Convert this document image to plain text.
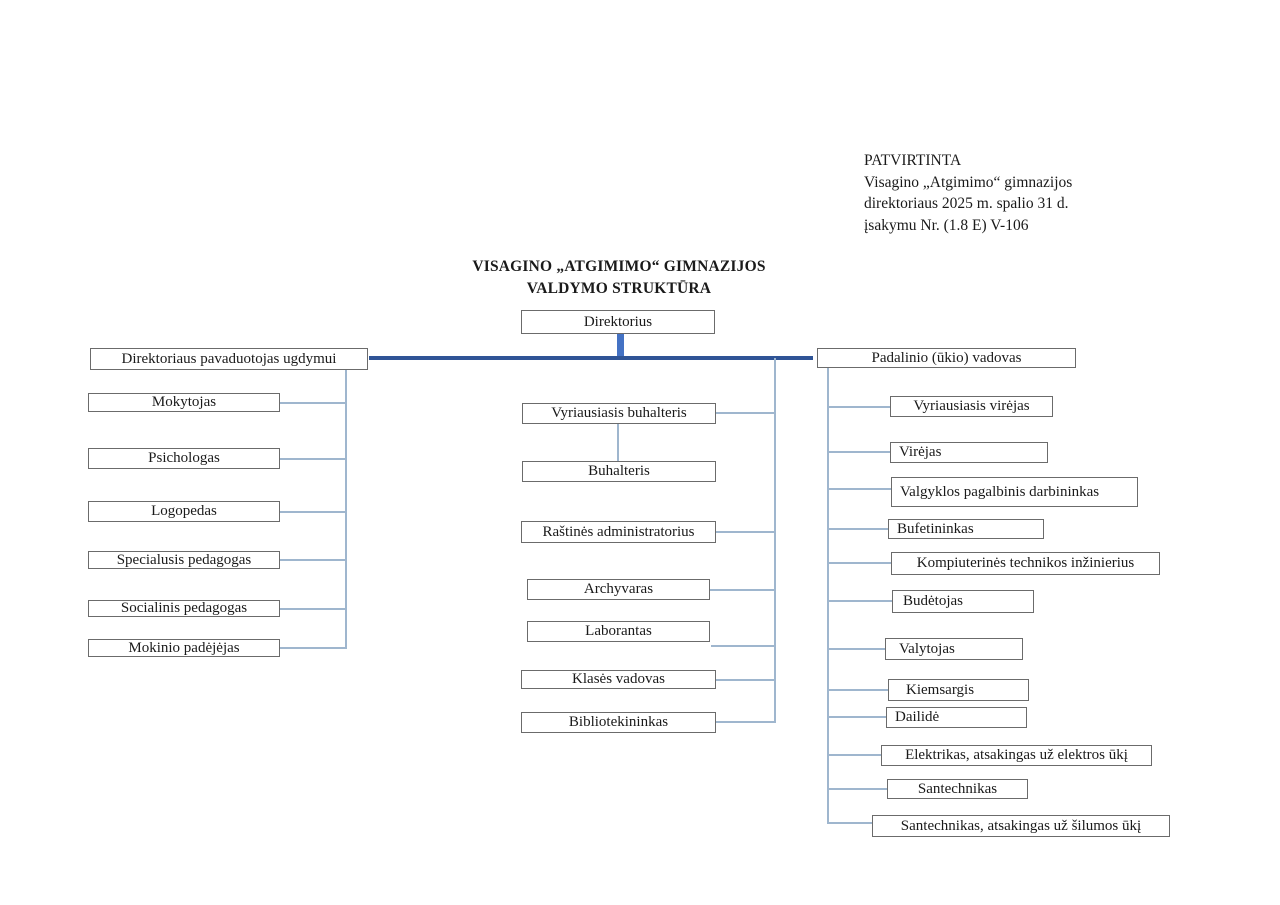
PATVIRTINTA
Visagino „Atgimimo“ gimnazijos
direktoriaus 2025 m. spalio 31 d.
įsakymu Nr. (1.8 E) V-106
VISAGINO „ATGIMIMO“ GIMNAZIJOS
VALDYMO STRUKTŪRA
Direktorius
Direktoriaus pavaduotojas ugdymui
Mokytojas
Psichologas
Logopedas
Specialusis pedagogas
Socialinis pedagogas
Mokinio padėjėjas
Vyriausiasis buhalteris
Buhalteris
Raštinės administratorius
Archyvaras
Laborantas
Klasės vadovas
Bibliotekininkas
Padalinio (ūkio) vadovas
Vyriausiasis virėjas
Virėjas
Valgyklos pagalbinis darbininkas
Bufetininkas
Kompiuterinės technikos inžinierius
Budėtojas
Valytojas
Kiemsargis
Dailidė
Elektrikas, atsakingas už elektros ūkį
Santechnikas
Santechnikas, atsakingas už šilumos ūkį
